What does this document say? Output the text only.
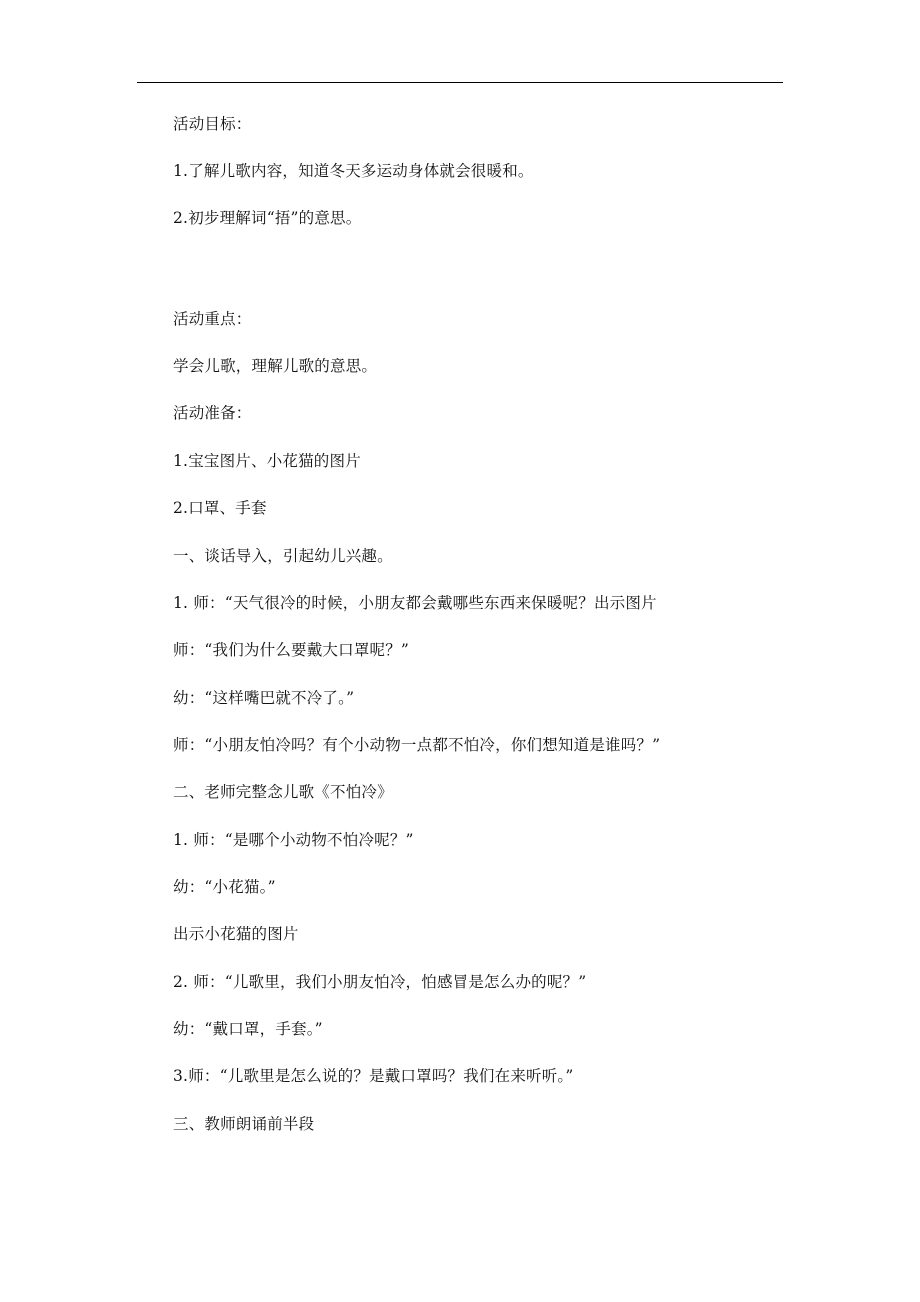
活动目标：
1.了解儿歌内容，知道冬天多运动身体就会很暖和。
2.初步理解词“捂”的意思。
活动重点：
学会儿歌，理解儿歌的意思。
活动准备：
1.宝宝图片、小花猫的图片
2.口罩、手套
一、谈话导入，引起幼儿兴趣。
1. 师：“天气很冷的时候，小朋友都会戴哪些东西来保暖呢？出示图片
师：“我们为什么要戴大口罩呢？”
幼：“这样嘴巴就不冷了。”
师：“小朋友怕冷吗？有个小动物一点都不怕冷，你们想知道是谁吗？”
二、老师完整念儿歌《不怕冷》
1. 师：“是哪个小动物不怕冷呢？”
幼：“小花猫。”
出示小花猫的图片
2. 师：“儿歌里，我们小朋友怕冷，怕感冒是怎么办的呢？”
幼：“戴口罩，手套。”
3.师：“儿歌里是怎么说的？是戴口罩吗？我们在来听听。”
三、教师朗诵前半段
